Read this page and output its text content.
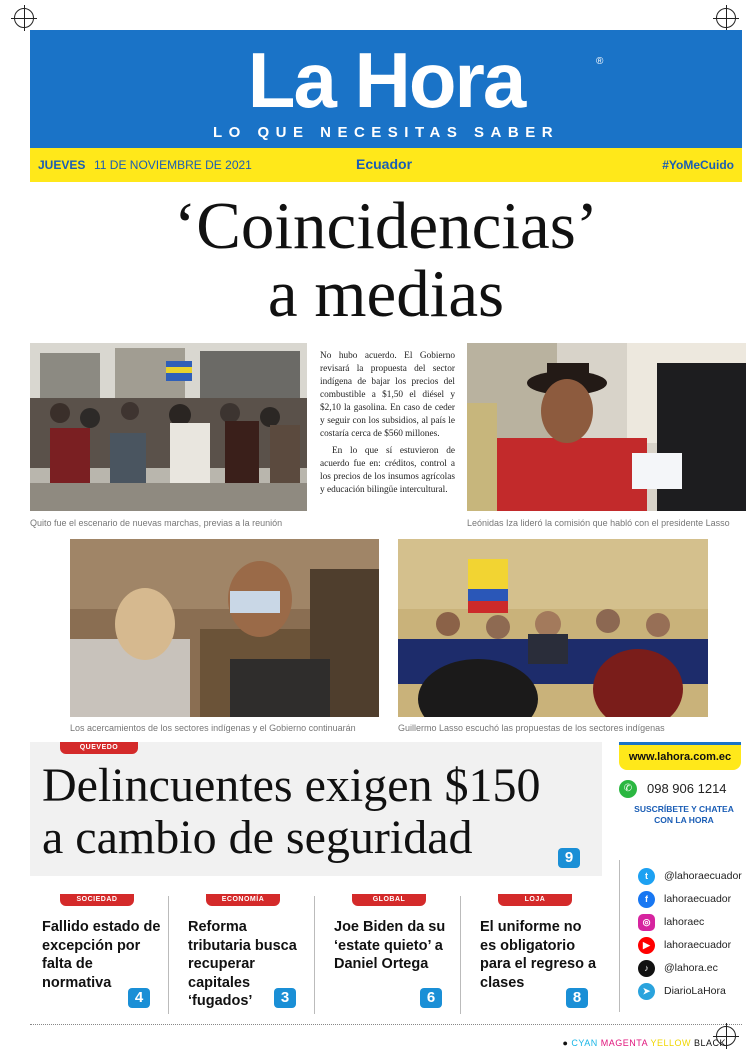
La Hora	®
LO QUE NECESITAS SABER
JUEVES 11 DE NOVIEMBRE DE 2021	Ecuador	#YoMeCuido
‘Coincidencias’
a medias
Quito fue el escenario de nuevas marchas, previas a la reunión

No hubo acuerdo. El Gobierno revisará la propuesta del sector indígena de bajar los precios del combustible a $1,50 el diésel y $2,10 la gasolina. En caso de ceder y seguir con los subsidios, al país le costaría cerca de $560 millones.

En lo que sí estuvieron de acuerdo fue en: créditos, control a los precios de los insumos agrícolas y educación bilingüe intercultural.

Leónidas Iza lideró la comisión que habló con el presidente Lasso
Los acercamientos de los sectores indígenas y el Gobierno continuarán	Guillermo Lasso escuchó las propuestas de los sectores indígenas
QUEVEDO
Delincuentes exigen $150
a cambio de seguridad	9
SOCIEDAD
Fallido estado de excepción por falta de normativa
4
ECONOMÍA
Reforma tributaria busca recuperar capitales ‘fugados’	3
GLOBAL
Joe Biden da su ‘estate quieto’ a Daniel Ortega
6
LOJA
El uniforme no es obligatorio para el regreso a clases
8
www.lahora.com.ec
✆	098 906 1214
SUSCRÍBETE Y CHATEA CON LA HORA
t	@lahoraecuador
f	lahoraecuador
◎	lahoraec
▶	lahoraecuador
♪	@lahora.ec
➤	DiarioLaHora
● CYAN MAGENTA YELLOW BLACK
